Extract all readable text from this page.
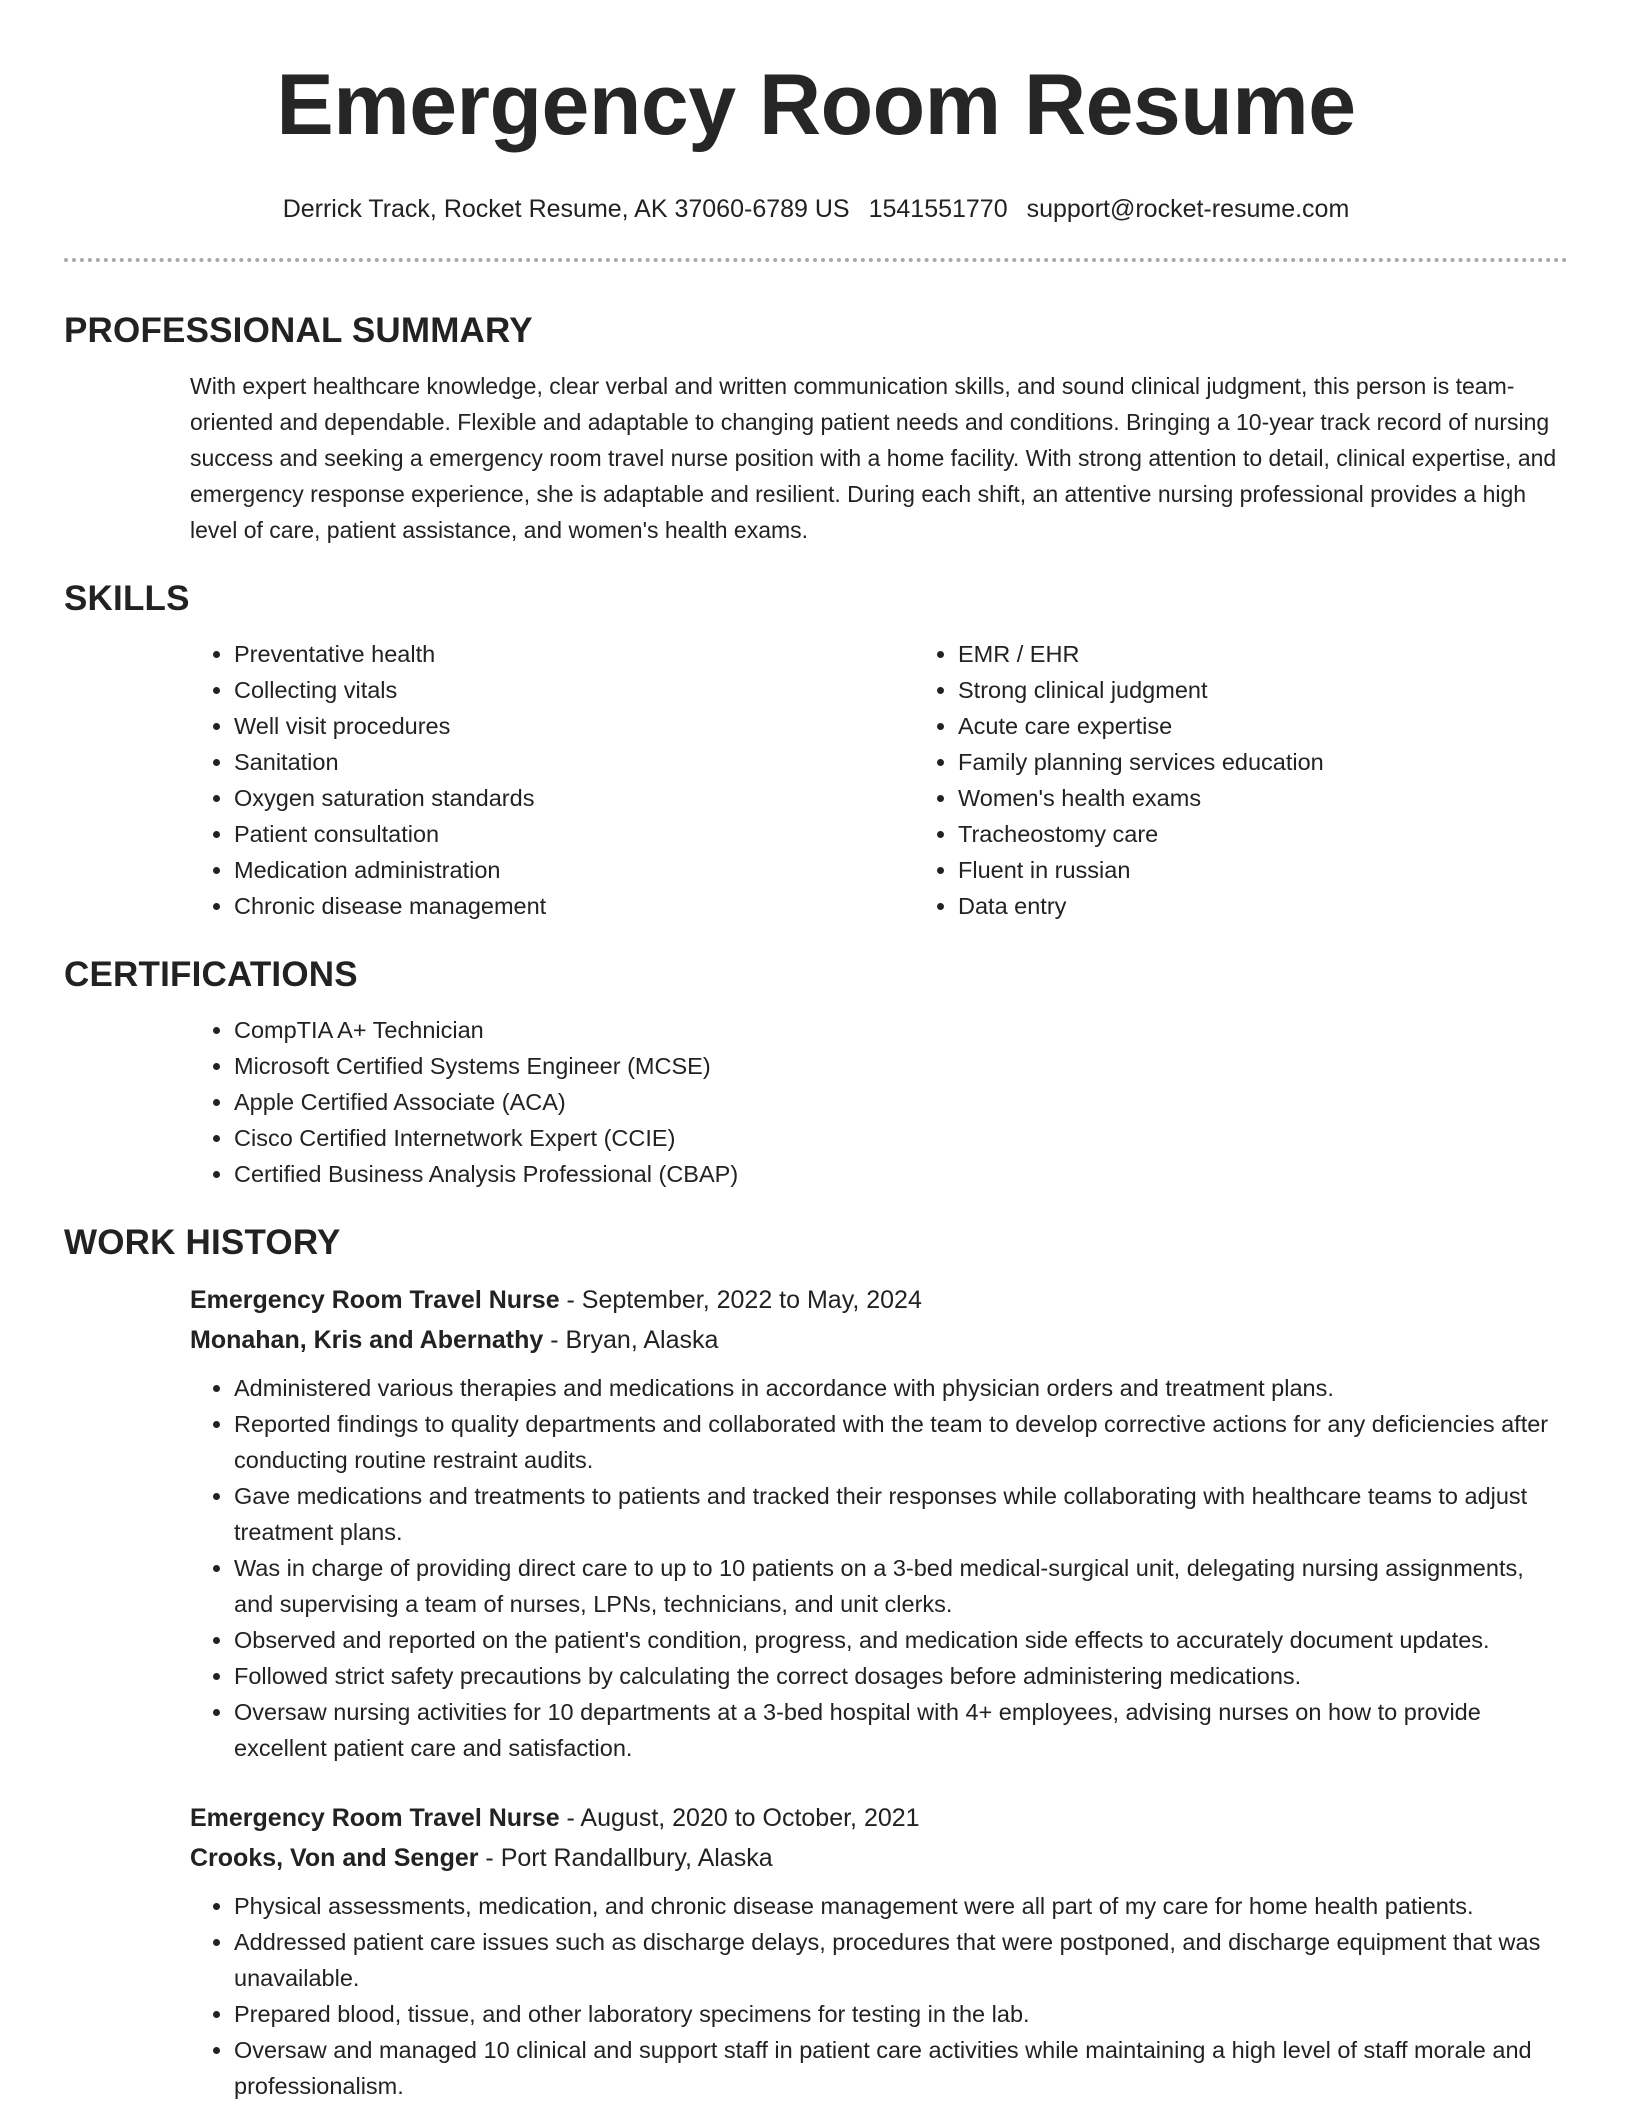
Emergency Room Resume
Derrick Track, Rocket Resume, AK 37060-6789 US 1541551770 support@rocket-resume.com
PROFESSIONAL SUMMARY

With expert healthcare knowledge, clear verbal and written communication skills, and sound clinical judgment, this person is team-oriented and dependable. Flexible and adaptable to changing patient needs and conditions. Bringing a 10-year track record of nursing success and seeking a emergency room travel nurse position with a home facility. With strong attention to detail, clinical expertise, and emergency response experience, she is adaptable and resilient. During each shift, an attentive nursing professional provides a high level of care, patient assistance, and women's health exams.

SKILLS
• Preventative health
• Collecting vitals
• Well visit procedures
• Sanitation
• Oxygen saturation standards
• Patient consultation
• Medication administration
• Chronic disease management
• EMR / EHR
• Strong clinical judgment
• Acute care expertise
• Family planning services education
• Women's health exams
• Tracheostomy care
• Fluent in russian
• Data entry
CERTIFICATIONS
• CompTIA A+ Technician
• Microsoft Certified Systems Engineer (MCSE)
• Apple Certified Associate (ACA)
• Cisco Certified Internetwork Expert (CCIE)
• Certified Business Analysis Professional (CBAP)
WORK HISTORY
Emergency Room Travel Nurse - September, 2022 to May, 2024
Monahan, Kris and Abernathy - Bryan, Alaska
• Administered various therapies and medications in accordance with physician orders and treatment plans.
• Reported findings to quality departments and collaborated with the team to develop corrective actions for any deficiencies after conducting routine restraint audits.
• Gave medications and treatments to patients and tracked their responses while collaborating with healthcare teams to adjust treatment plans.
• Was in charge of providing direct care to up to 10 patients on a 3-bed medical-surgical unit, delegating nursing assignments, and supervising a team of nurses, LPNs, technicians, and unit clerks.
• Observed and reported on the patient's condition, progress, and medication side effects to accurately document updates.
• Followed strict safety precautions by calculating the correct dosages before administering medications.
• Oversaw nursing activities for 10 departments at a 3-bed hospital with 4+ employees, advising nurses on how to provide excellent patient care and satisfaction.
Emergency Room Travel Nurse - August, 2020 to October, 2021
Crooks, Von and Senger - Port Randallbury, Alaska
• Physical assessments, medication, and chronic disease management were all part of my care for home health patients.
• Addressed patient care issues such as discharge delays, procedures that were postponed, and discharge equipment that was unavailable.
• Prepared blood, tissue, and other laboratory specimens for testing in the lab.
• Oversaw and managed 10 clinical and support staff in patient care activities while maintaining a high level of staff morale and professionalism.
